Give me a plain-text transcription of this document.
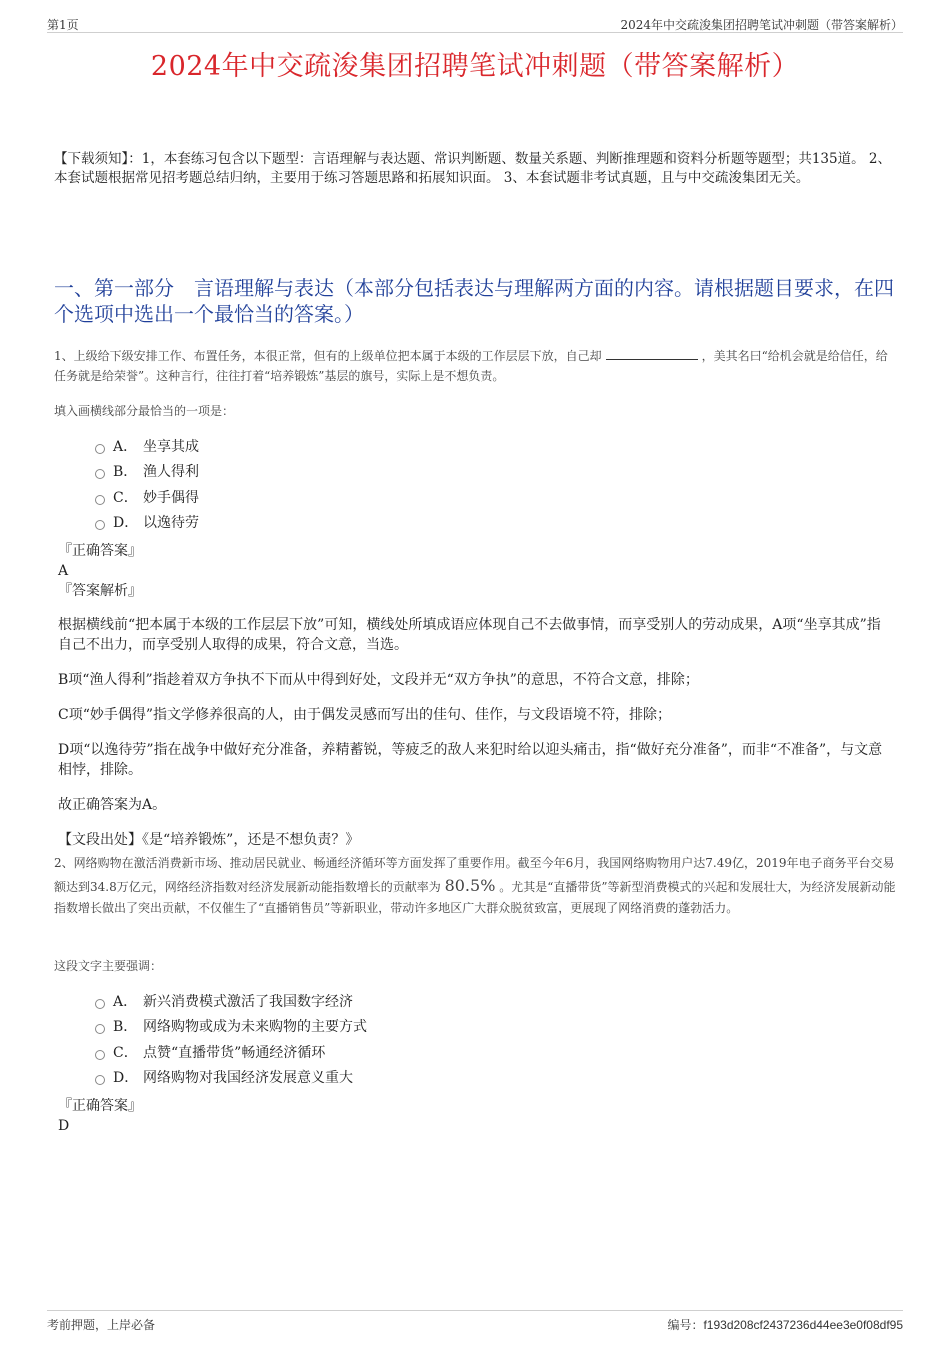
第1页	2024年中交疏浚集团招聘笔试冲刺题（带答案解析）
2024年中交疏浚集团招聘笔试冲刺题（带答案解析）
【下载须知】：1，本套练习包含以下题型：言语理解与表达题、常识判断题、数量关系题、判断推理题和资料分析题等题型；共135道。 2、本套试题根据常见招考题总结归纳，主要用于练习答题思路和拓展知识面。 3、本套试题非考试真题，且与中交疏浚集团无关。
一、第一部分　言语理解与表达（本部分包括表达与理解两方面的内容。请根据题目要求，在四个选项中选出一个最恰当的答案。）
1、上级给下级安排工作、布置任务，本很正常，但有的上级单位把本属于本级的工作层层下放，自己却	，美其名曰“给机会就是给信任，给任务就是给荣誉”。这种言行，往往打着“培养锻炼”基层的旗号，实际上是不想负责。
填入画横线部分最恰当的一项是：
A． 坐享其成
B． 渔人得利
C． 妙手偶得
D． 以逸待劳
『正确答案』
A
『答案解析』

根据横线前“把本属于本级的工作层层下放”可知，横线处所填成语应体现自己不去做事情，而享受别人的劳动成果，A项“坐享其成”指自己不出力，而享受别人取得的成果，符合文意，当选。

B项“渔人得利”指趁着双方争执不下而从中得到好处，文段并无“双方争执”的意思，不符合文意，排除；

C项“妙手偶得”指文学修养很高的人，由于偶发灵感而写出的佳句、佳作，与文段语境不符，排除；

D项“以逸待劳”指在战争中做好充分准备，养精蓄锐，等疲乏的敌人来犯时给以迎头痛击，指“做好充分准备”，而非“不准备”，与文意相悖，排除。

故正确答案为A。

【文段出处】《是“培养锻炼”，还是不想负责？》

2、网络购物在激活消费新市场、推动居民就业、畅通经济循环等方面发挥了重要作用。截至今年6月，我国网络购物用户达7.49亿，2019年电子商务平台交易额达到34.8万亿元，网络经济指数对经济发展新动能指数增长的贡献率为 80.5% 。尤其是“直播带货”等新型消费模式的兴起和发展壮大，为经济发展新动能指数增长做出了突出贡献，不仅催生了“直播销售员”等新职业，带动许多地区广大群众脱贫致富，更展现了网络消费的蓬勃活力。
这段文字主要强调：
A． 新兴消费模式激活了我国数字经济
B． 网络购物或成为未来购物的主要方式
C． 点赞“直播带货”畅通经济循环
D． 网络购物对我国经济发展意义重大
『正确答案』
D
考前押题，上岸必备	编号：f193d208cf2437236d44ee3e0f08df95
